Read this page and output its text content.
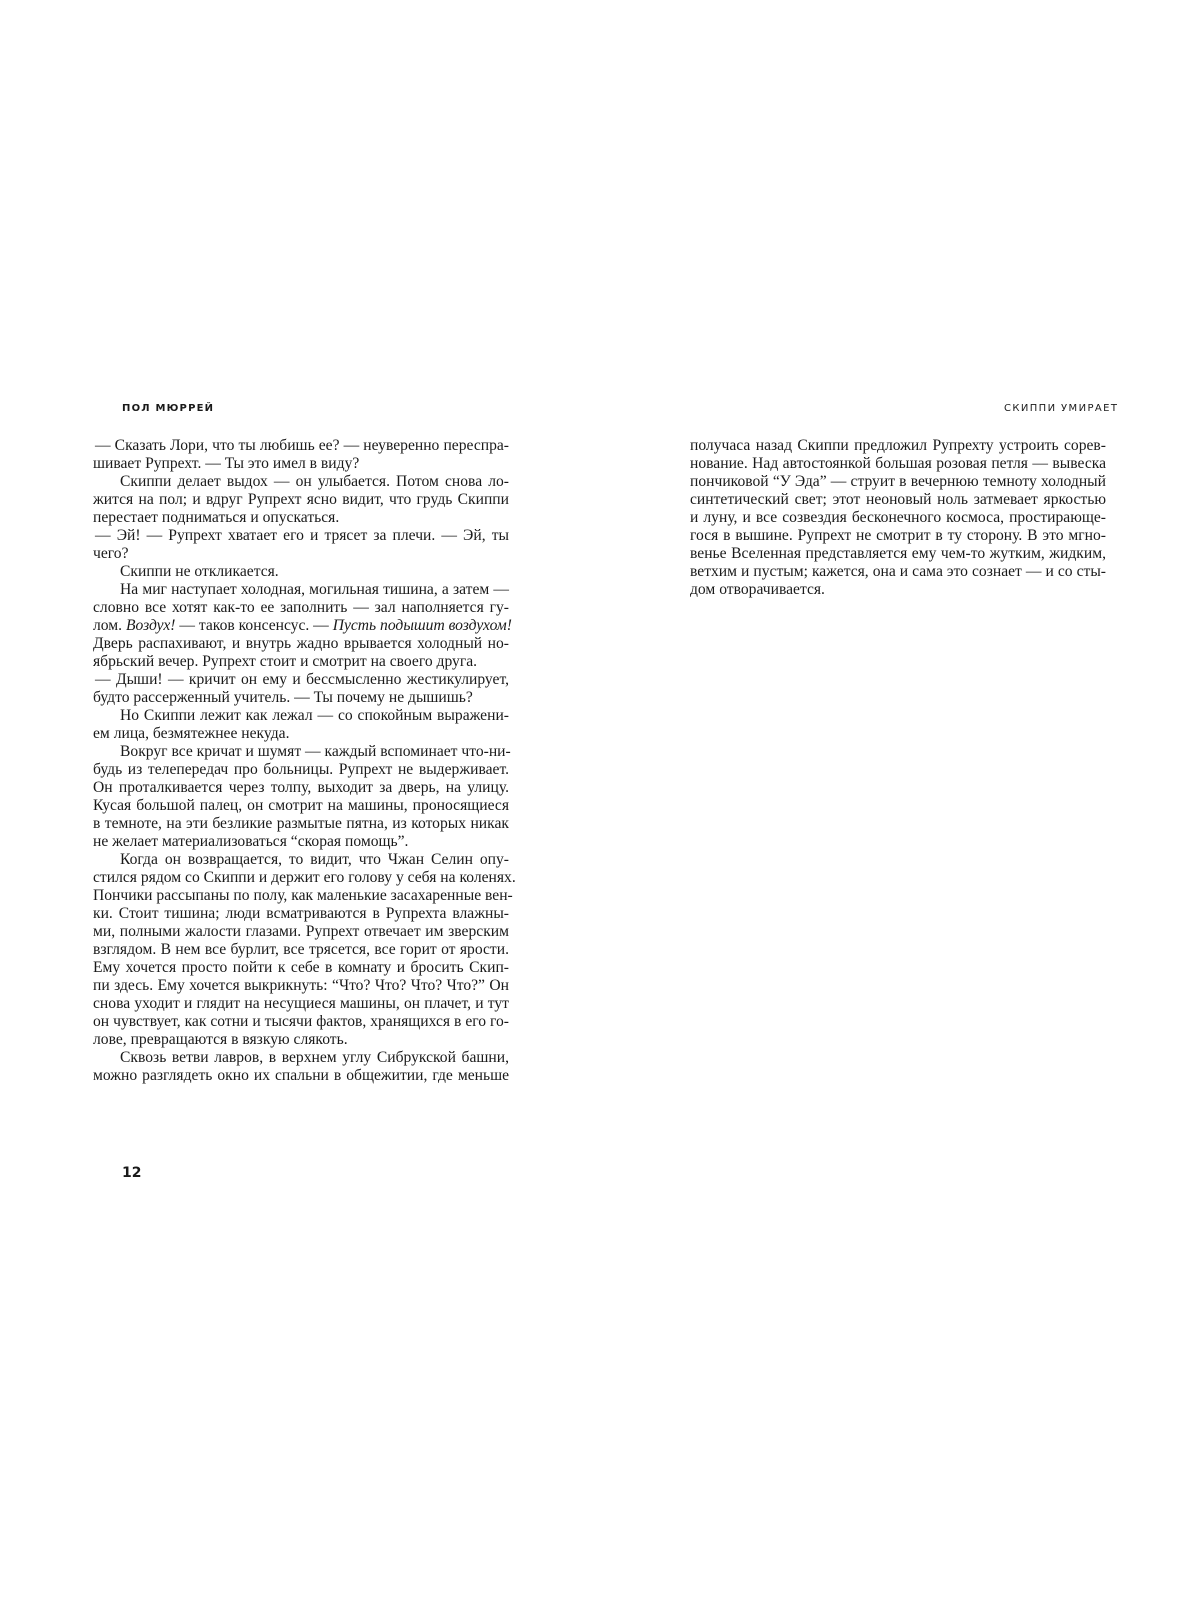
ПОЛ МЮРРЕЙ	СКИППИ УМИРАЕТ
— Сказать Лори, что ты любишь ее? — неуверенно переспра-
шивает Рупрехт. — Ты это имел в виду?
Скиппи делает выдох — он улыбается. Потом снова ло-
жится на пол; и вдруг Рупрехт ясно видит, что грудь Скиппи
перестает подниматься и опускаться.
— Эй! — Рупрехт хватает его и трясет за плечи. — Эй, ты
чего?
Скиппи не откликается.
На миг наступает холодная, могильная тишина, а затем —
словно все хотят как-то ее заполнить — зал наполняется гу-
лом. Воздух! — таков консенсус. — Пусть подышит воздухом!
Дверь распахивают, и внутрь жадно врывается холодный но-
ябрьский вечер. Рупрехт стоит и смотрит на своего друга.
— Дыши! — кричит он ему и бессмысленно жестикулирует,
будто рассерженный учитель. — Ты почему не дышишь?
Но Скиппи лежит как лежал — со спокойным выражени-
ем лица, безмятежнее некуда.
Вокруг все кричат и шумят — каждый вспоминает что-ни-
будь из телепередач про больницы. Рупрехт не выдерживает.
Он проталкивается через толпу, выходит за дверь, на улицу.
Кусая большой палец, он смотрит на машины, проносящиеся
в темноте, на эти безликие размытые пятна, из которых никак
не желает материализоваться “скорая помощь”.
Когда он возвращается, то видит, что Чжан Селин опу-
стился рядом со Скиппи и держит его голову у себя на коленях.
Пончики рассыпаны по полу, как маленькие засахаренные вен-
ки. Стоит тишина; люди всматриваются в Рупрехта влажны-
ми, полными жалости глазами. Рупрехт отвечает им зверским
взглядом. В нем все бурлит, все трясется, все горит от ярости.
Ему хочется просто пойти к себе в комнату и бросить Скип-
пи здесь. Ему хочется выкрикнуть: “Что? Что? Что? Что?” Он
снова уходит и глядит на несущиеся машины, он плачет, и тут
он чувствует, как сотни и тысячи фактов, хранящихся в его го-
лове, превращаются в вязкую слякоть.
Сквозь ветви лавров, в верхнем углу Сибрукской башни,
можно разглядеть окно их спальни в общежитии, где меньше
получаса назад Скиппи предложил Рупрехту устроить сорев-
нование. Над автостоянкой большая розовая петля — вывеска
пончиковой “У Эда” — струит в вечернюю темноту холодный
синтетический свет; этот неоновый ноль затмевает яркостью
и луну, и все созвездия бесконечного космоса, простирающе-
гося в вышине. Рупрехт не смотрит в ту сторону. В это мгно-
венье Вселенная представляется ему чем-то жутким, жидким,
ветхим и пустым; кажется, она и сама это сознает — и со сты-
дом отворачивается.
12
